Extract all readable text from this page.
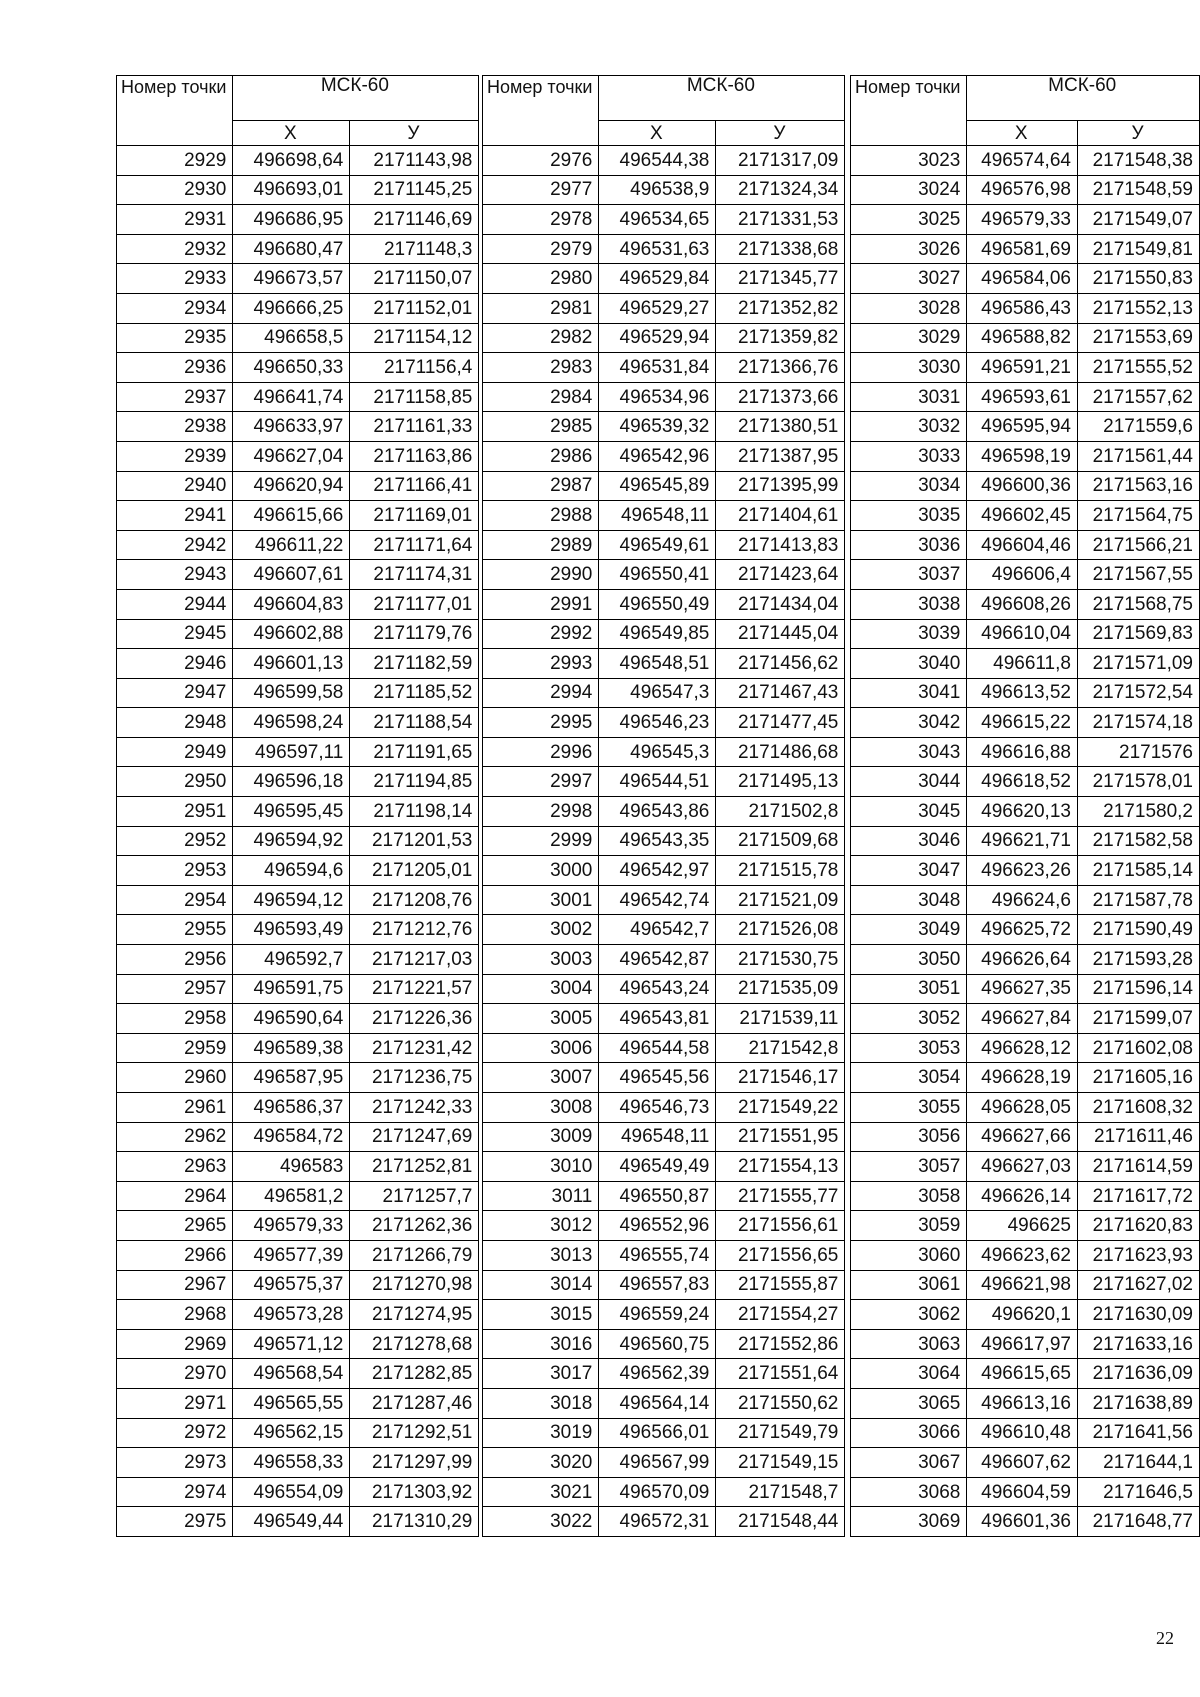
Номер точки	МСК-60	
	Х	У
2929	496698,64	2171143,98
2930	496693,01	2171145,25
2931	496686,95	2171146,69
2932	496680,47	2171148,3
2933	496673,57	2171150,07
2934	496666,25	2171152,01
2935	496658,5	2171154,12
2936	496650,33	2171156,4
2937	496641,74	2171158,85
2938	496633,97	2171161,33
2939	496627,04	2171163,86
2940	496620,94	2171166,41
2941	496615,66	2171169,01
2942	496611,22	2171171,64
2943	496607,61	2171174,31
2944	496604,83	2171177,01
2945	496602,88	2171179,76
2946	496601,13	2171182,59
2947	496599,58	2171185,52
2948	496598,24	2171188,54
2949	496597,11	2171191,65
2950	496596,18	2171194,85
2951	496595,45	2171198,14
2952	496594,92	2171201,53
2953	496594,6	2171205,01
2954	496594,12	2171208,76
2955	496593,49	2171212,76
2956	496592,7	2171217,03
2957	496591,75	2171221,57
2958	496590,64	2171226,36
2959	496589,38	2171231,42
2960	496587,95	2171236,75
2961	496586,37	2171242,33
2962	496584,72	2171247,69
2963	496583	2171252,81
2964	496581,2	2171257,7
2965	496579,33	2171262,36
2966	496577,39	2171266,79
2967	496575,37	2171270,98
2968	496573,28	2171274,95
2969	496571,12	2171278,68
2970	496568,54	2171282,85
2971	496565,55	2171287,46
2972	496562,15	2171292,51
2973	496558,33	2171297,99
2974	496554,09	2171303,92
2975	496549,44	2171310,29
Номер точки	МСК-60	
	Х	У
2976	496544,38	2171317,09
2977	496538,9	2171324,34
2978	496534,65	2171331,53
2979	496531,63	2171338,68
2980	496529,84	2171345,77
2981	496529,27	2171352,82
2982	496529,94	2171359,82
2983	496531,84	2171366,76
2984	496534,96	2171373,66
2985	496539,32	2171380,51
2986	496542,96	2171387,95
2987	496545,89	2171395,99
2988	496548,11	2171404,61
2989	496549,61	2171413,83
2990	496550,41	2171423,64
2991	496550,49	2171434,04
2992	496549,85	2171445,04
2993	496548,51	2171456,62
2994	496547,3	2171467,43
2995	496546,23	2171477,45
2996	496545,3	2171486,68
2997	496544,51	2171495,13
2998	496543,86	2171502,8
2999	496543,35	2171509,68
3000	496542,97	2171515,78
3001	496542,74	2171521,09
3002	496542,7	2171526,08
3003	496542,87	2171530,75
3004	496543,24	2171535,09
3005	496543,81	2171539,11
3006	496544,58	2171542,8
3007	496545,56	2171546,17
3008	496546,73	2171549,22
3009	496548,11	2171551,95
3010	496549,49	2171554,13
3011	496550,87	2171555,77
3012	496552,96	2171556,61
3013	496555,74	2171556,65
3014	496557,83	2171555,87
3015	496559,24	2171554,27
3016	496560,75	2171552,86
3017	496562,39	2171551,64
3018	496564,14	2171550,62
3019	496566,01	2171549,79
3020	496567,99	2171549,15
3021	496570,09	2171548,7
3022	496572,31	2171548,44
Номер точки	МСК-60	
	Х	У
3023	496574,64	2171548,38
3024	496576,98	2171548,59
3025	496579,33	2171549,07
3026	496581,69	2171549,81
3027	496584,06	2171550,83
3028	496586,43	2171552,13
3029	496588,82	2171553,69
3030	496591,21	2171555,52
3031	496593,61	2171557,62
3032	496595,94	2171559,6
3033	496598,19	2171561,44
3034	496600,36	2171563,16
3035	496602,45	2171564,75
3036	496604,46	2171566,21
3037	496606,4	2171567,55
3038	496608,26	2171568,75
3039	496610,04	2171569,83
3040	496611,8	2171571,09
3041	496613,52	2171572,54
3042	496615,22	2171574,18
3043	496616,88	2171576
3044	496618,52	2171578,01
3045	496620,13	2171580,2
3046	496621,71	2171582,58
3047	496623,26	2171585,14
3048	496624,6	2171587,78
3049	496625,72	2171590,49
3050	496626,64	2171593,28
3051	496627,35	2171596,14
3052	496627,84	2171599,07
3053	496628,12	2171602,08
3054	496628,19	2171605,16
3055	496628,05	2171608,32
3056	496627,66	2171611,46
3057	496627,03	2171614,59
3058	496626,14	2171617,72
3059	496625	2171620,83
3060	496623,62	2171623,93
3061	496621,98	2171627,02
3062	496620,1	2171630,09
3063	496617,97	2171633,16
3064	496615,65	2171636,09
3065	496613,16	2171638,89
3066	496610,48	2171641,56
3067	496607,62	2171644,1
3068	496604,59	2171646,5
3069	496601,36	2171648,77
22
